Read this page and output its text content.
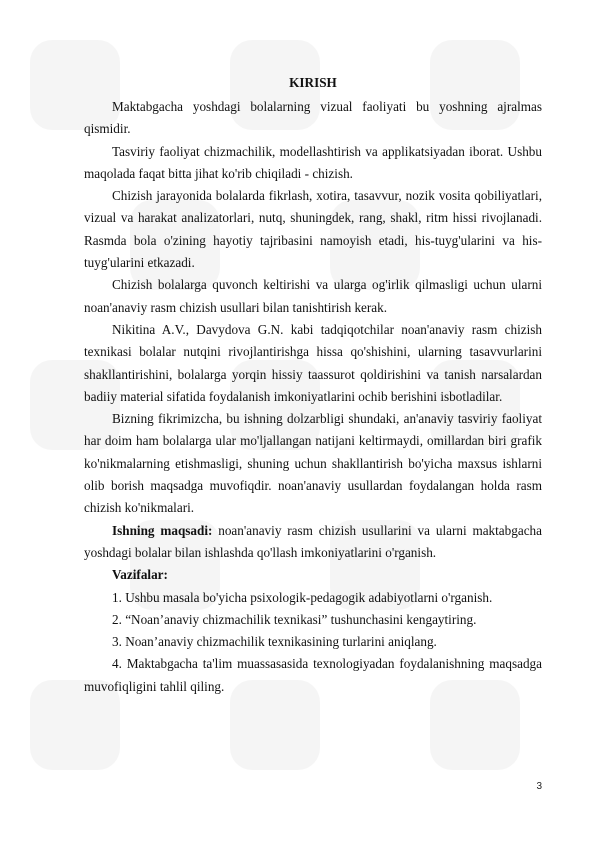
KIRISH

Maktabgacha yoshdagi bolalarning vizual faoliyati bu yoshning ajralmas qismidir.

Tasviriy faoliyat chizmachilik, modellashtirish va applikatsiyadan iborat. Ushbu maqolada faqat bitta jihat ko'rib chiqiladi - chizish.

Chizish jarayonida bolalarda fikrlash, xotira, tasavvur, nozik vosita qobiliyatlari, vizual va harakat analizatorlari, nutq, shuningdek, rang, shakl, ritm hissi rivojlanadi. Rasmda bola o'zining hayotiy tajribasini namoyish etadi, his-tuyg'ularini va his-tuyg'ularini etkazadi.

Chizish bolalarga quvonch keltirishi va ularga og'irlik qilmasligi uchun ularni noan'anaviy rasm chizish usullari bilan tanishtirish kerak.

Nikitina A.V., Davydova G.N. kabi tadqiqotchilar noan'anaviy rasm chizish texnikasi bolalar nutqini rivojlantirishga hissa qo'shishini, ularning tasavvurlarini shakllantirishini, bolalarga yorqin hissiy taassurot qoldirishini va tanish narsalardan badiiy material sifatida foydalanish imkoniyatlarini ochib berishini isbotladilar.

Bizning fikrimizcha, bu ishning dolzarbligi shundaki, an'anaviy tasviriy faoliyat har doim ham bolalarga ular mo'ljallangan natijani keltirmaydi, omillardan biri grafik ko'nikmalarning etishmasligi, shuning uchun shakllantirish bo'yicha maxsus ishlarni olib borish maqsadga muvofiqdir. noan'anaviy usullardan foydalangan holda rasm chizish ko'nikmalari.

Ishning maqsadi: noan'anaviy rasm chizish usullarini va ularni maktabgacha yoshdagi bolalar bilan ishlashda qo'llash imkoniyatlarini o'rganish.

Vazifalar:

1. Ushbu masala bo'yicha psixologik-pedagogik adabiyotlarni o'rganish.

2. “Noan’anaviy chizmachilik texnikasi” tushunchasini kengaytiring.

3. Noan’anaviy chizmachilik texnikasining turlarini aniqlang.

4. Maktabgacha ta'lim muassasasida texnologiyadan foydalanishning maqsadga muvofiqligini tahlil qiling.

3
